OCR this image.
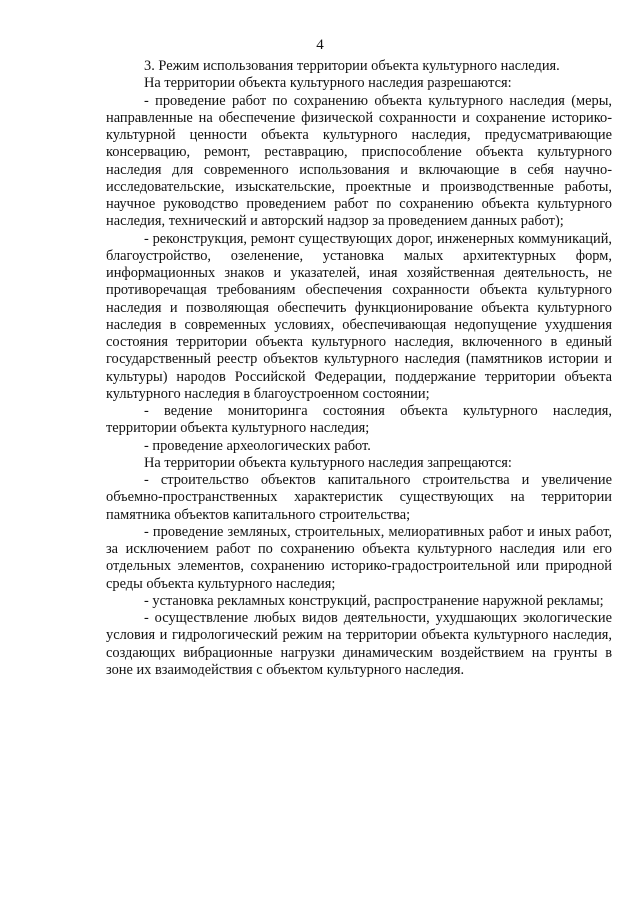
4

3. Режим использования территории объекта культурного наследия.

На территории объекта культурного наследия разрешаются:

- проведение работ по сохранению объекта культурного наследия (меры, направленные на обеспечение физической сохранности и сохранение историко-культурной ценности объекта культурного наследия, предусматривающие консервацию, ремонт, реставрацию, приспособление объекта культурного наследия для современного использования и включающие в себя научно-исследовательские, изыскательские, проектные и производственные работы, научное руководство проведением работ по сохранению объекта культурного наследия, технический и авторский надзор за проведением данных работ);

- реконструкция, ремонт существующих дорог, инженерных коммуникаций, благоустройство, озеленение, установка малых архитектурных форм, информационных знаков и указателей, иная хозяйственная деятельность, не противоречащая требованиям обеспечения сохранности объекта культурного наследия и позволяющая обеспечить функционирование объекта культурного наследия в современных условиях, обеспечивающая недопущение ухудшения состояния территории объекта культурного наследия, включенного в единый государственный реестр объектов культурного наследия (памятников истории и культуры) народов Российской Федерации, поддержание территории объекта культурного наследия в благоустроенном состоянии;

- ведение мониторинга состояния объекта культурного наследия, территории объекта культурного наследия;

- проведение археологических работ.

На территории объекта культурного наследия запрещаются:

- строительство объектов капитального строительства и увеличение объемно-пространственных характеристик существующих на территории памятника объектов капитального строительства;

- проведение земляных, строительных, мелиоративных работ и иных работ, за исключением работ по сохранению объекта культурного наследия или его отдельных элементов, сохранению историко-градостроительной или природной среды объекта культурного наследия;

- установка рекламных конструкций, распространение наружной рекламы;

- осуществление любых видов деятельности, ухудшающих экологические условия и гидрологический режим на территории объекта культурного наследия, создающих вибрационные нагрузки динамическим воздействием на грунты в зоне их взаимодействия с объектом культурного наследия.
